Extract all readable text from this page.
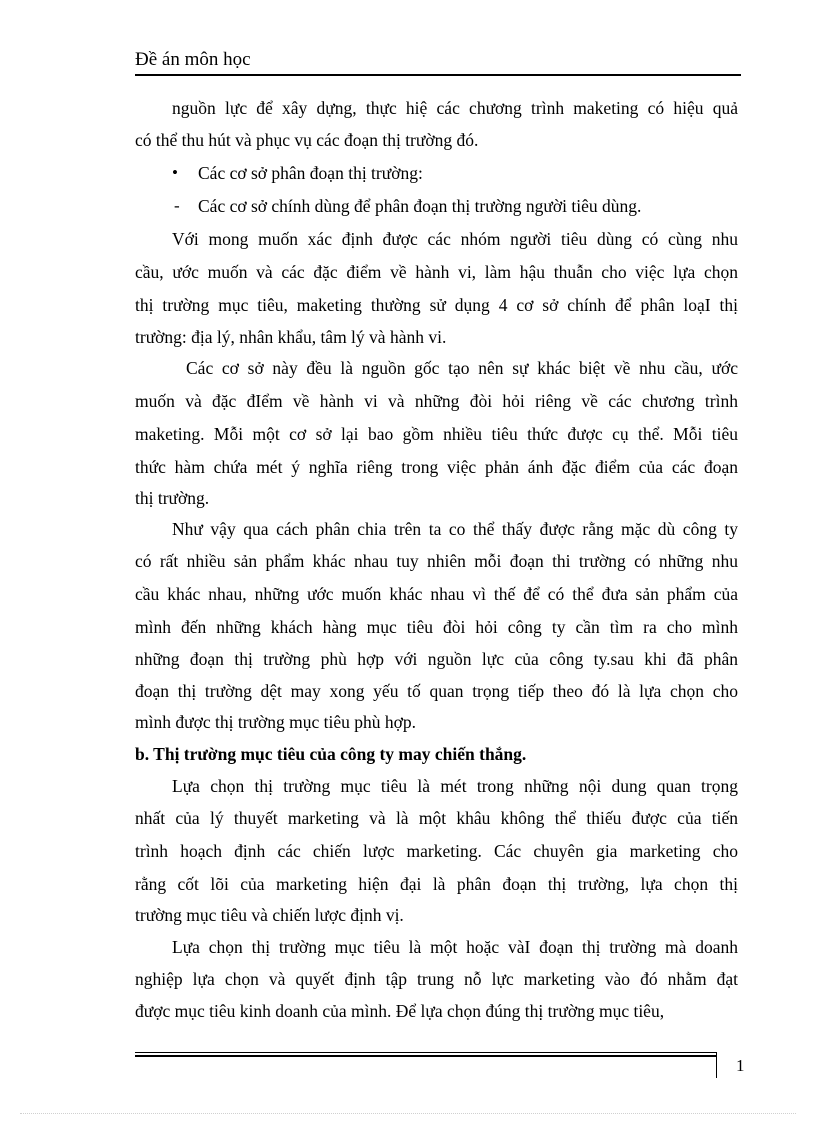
Đề án môn học
nguồn lực để xây dựng, thực hiệ các chương trình maketing có hiệu quả
có thể thu hút và phục vụ các đoạn thị trường đó.
• Các cơ sở phân đoạn thị trường:
- Các cơ sở chính dùng để phân đoạn thị trường người tiêu dùng.
Với mong muốn xác định được các nhóm người tiêu dùng có cùng nhu
cầu, ước muốn và các đặc điểm về hành vi, làm hậu thuẫn cho việc lựa chọn
thị trường mục tiêu, maketing thường sử dụng 4 cơ sở chính để phân loạI thị
trường: địa lý, nhân khẩu, tâm lý và hành vi.
Các cơ sở này đều là nguồn gốc tạo nên sự khác biệt về nhu cầu, ước
muốn và đặc đIểm về hành vi và những đòi hỏi riêng về các chương trình
maketing. Mỗi một cơ sở lại bao gồm nhiều tiêu thức được cụ thể. Mỗi tiêu
thức hàm chứa mét ý nghĩa riêng trong việc phản ánh đặc điểm của các đoạn
thị trường.
Như vậy qua cách phân chia trên ta co thể thấy được rằng mặc dù công ty
có rất nhiều sản phẩm khác nhau tuy nhiên mỗi đoạn thi trường có những nhu
cầu khác nhau, những ước muốn khác nhau vì thế để có thể đưa sản phẩm của
mình đến những khách hàng mục tiêu đòi hỏi công ty cần tìm ra cho mình
những đoạn thị trường phù hợp với nguồn lực của công ty.sau khi đã phân
đoạn thị trường dệt may xong yếu tố quan trọng tiếp theo đó là lựa chọn cho
mình được thị trường mục tiêu phù hợp.
b. Thị trường mục tiêu của công ty may chiến thắng.
Lựa chọn thị trường mục tiêu là mét trong những nội dung quan trọng
nhất của lý thuyết marketing và là một khâu không thể thiếu được của tiến
trình hoạch định các chiến lược marketing. Các chuyên gia marketing cho
rằng cốt lõi của marketing hiện đại là phân đoạn thị trường, lựa chọn thị
trường mục tiêu và chiến lược định vị.
Lựa chọn thị trường mục tiêu là một hoặc vàI đoạn thị trường mà doanh
nghiệp lựa chọn và quyết định tập trung nỗ lực marketing vào đó nhằm đạt
được mục tiêu kinh doanh của mình. Để lựa chọn đúng thị trường mục tiêu,
1
